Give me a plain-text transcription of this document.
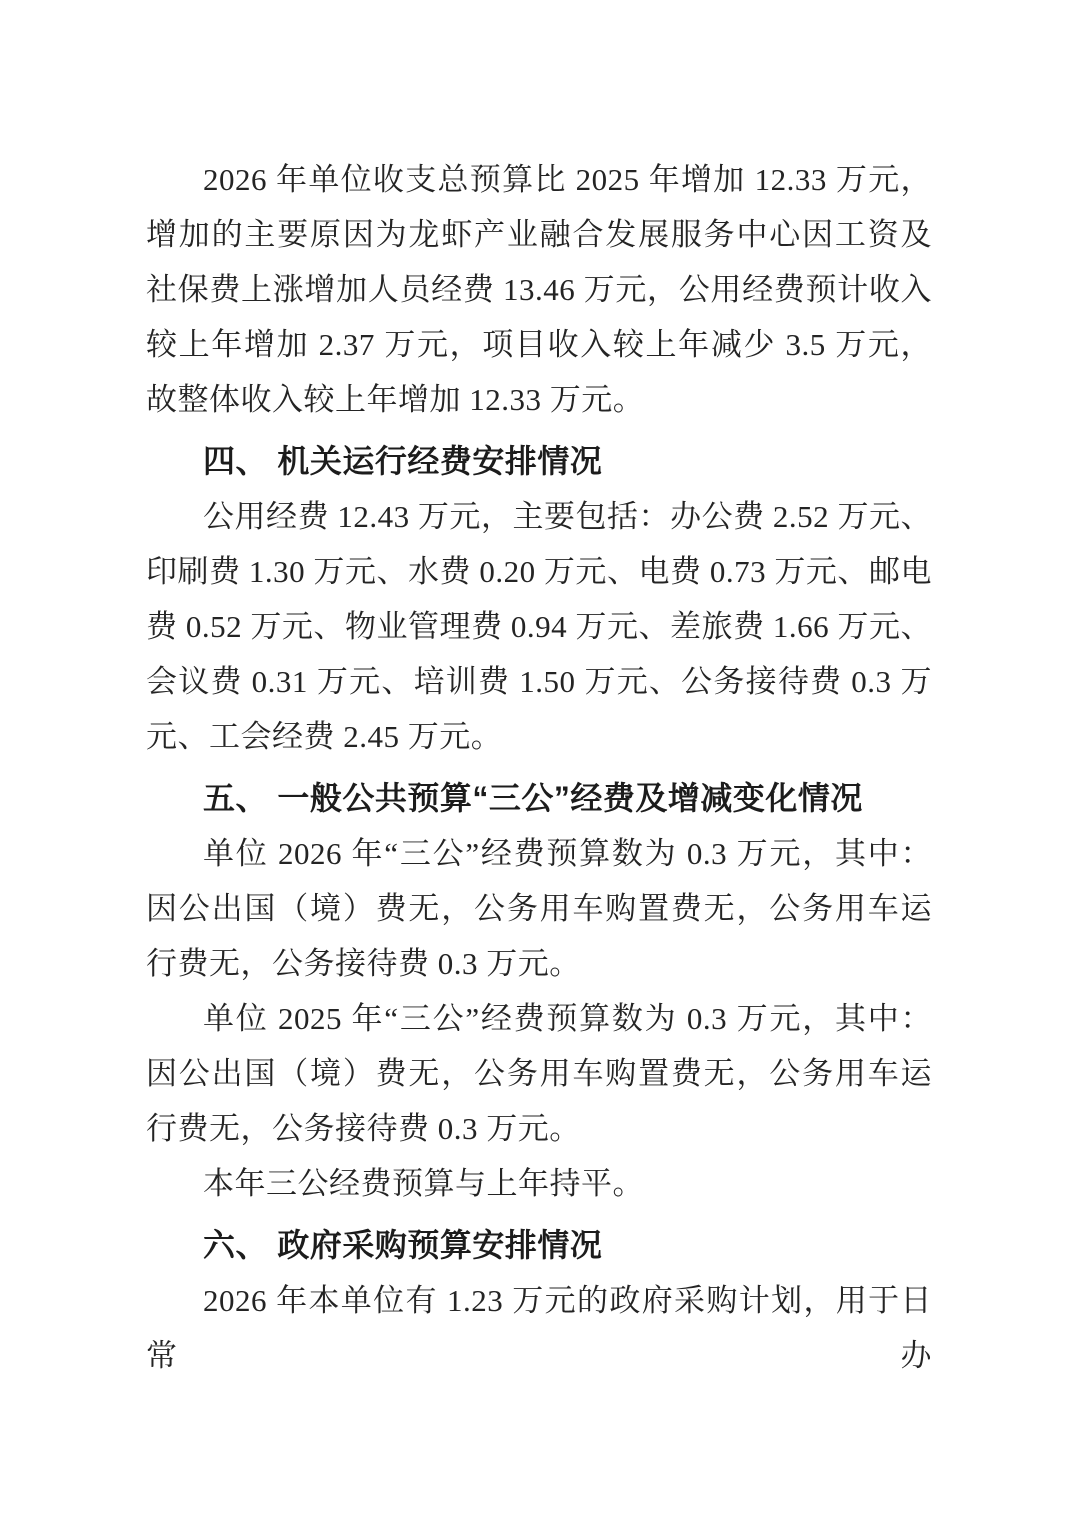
2026 年单位收支总预算比 2025 年增加 12.33 万元，增加的主要原因为龙虾产业融合发展服务中心因工资及社保费上涨增加人员经费 13.46 万元，公用经费预计收入较上年增加 2.37 万元，项目收入较上年减少 3.5 万元，故整体收入较上年增加 12.33 万元。

四、 机关运行经费安排情况

公用经费 12.43 万元，主要包括：办公费 2.52 万元、印刷费 1.30 万元、水费 0.20 万元、电费 0.73 万元、邮电费 0.52 万元、物业管理费 0.94 万元、差旅费 1.66 万元、会议费 0.31 万元、培训费 1.50 万元、公务接待费 0.3 万元、工会经费 2.45 万元。

五、 一般公共预算“三公”经费及增减变化情况

单位 2026 年“三公”经费预算数为 0.3 万元，其中：因公出国（境）费无，公务用车购置费无，公务用车运行费无，公务接待费 0.3 万元。

单位 2025 年“三公”经费预算数为 0.3 万元，其中：因公出国（境）费无，公务用车购置费无，公务用车运行费无，公务接待费 0.3 万元。

本年三公经费预算与上年持平。

六、 政府采购预算安排情况

2026 年本单位有 1.23 万元的政府采购计划，用于日常办
